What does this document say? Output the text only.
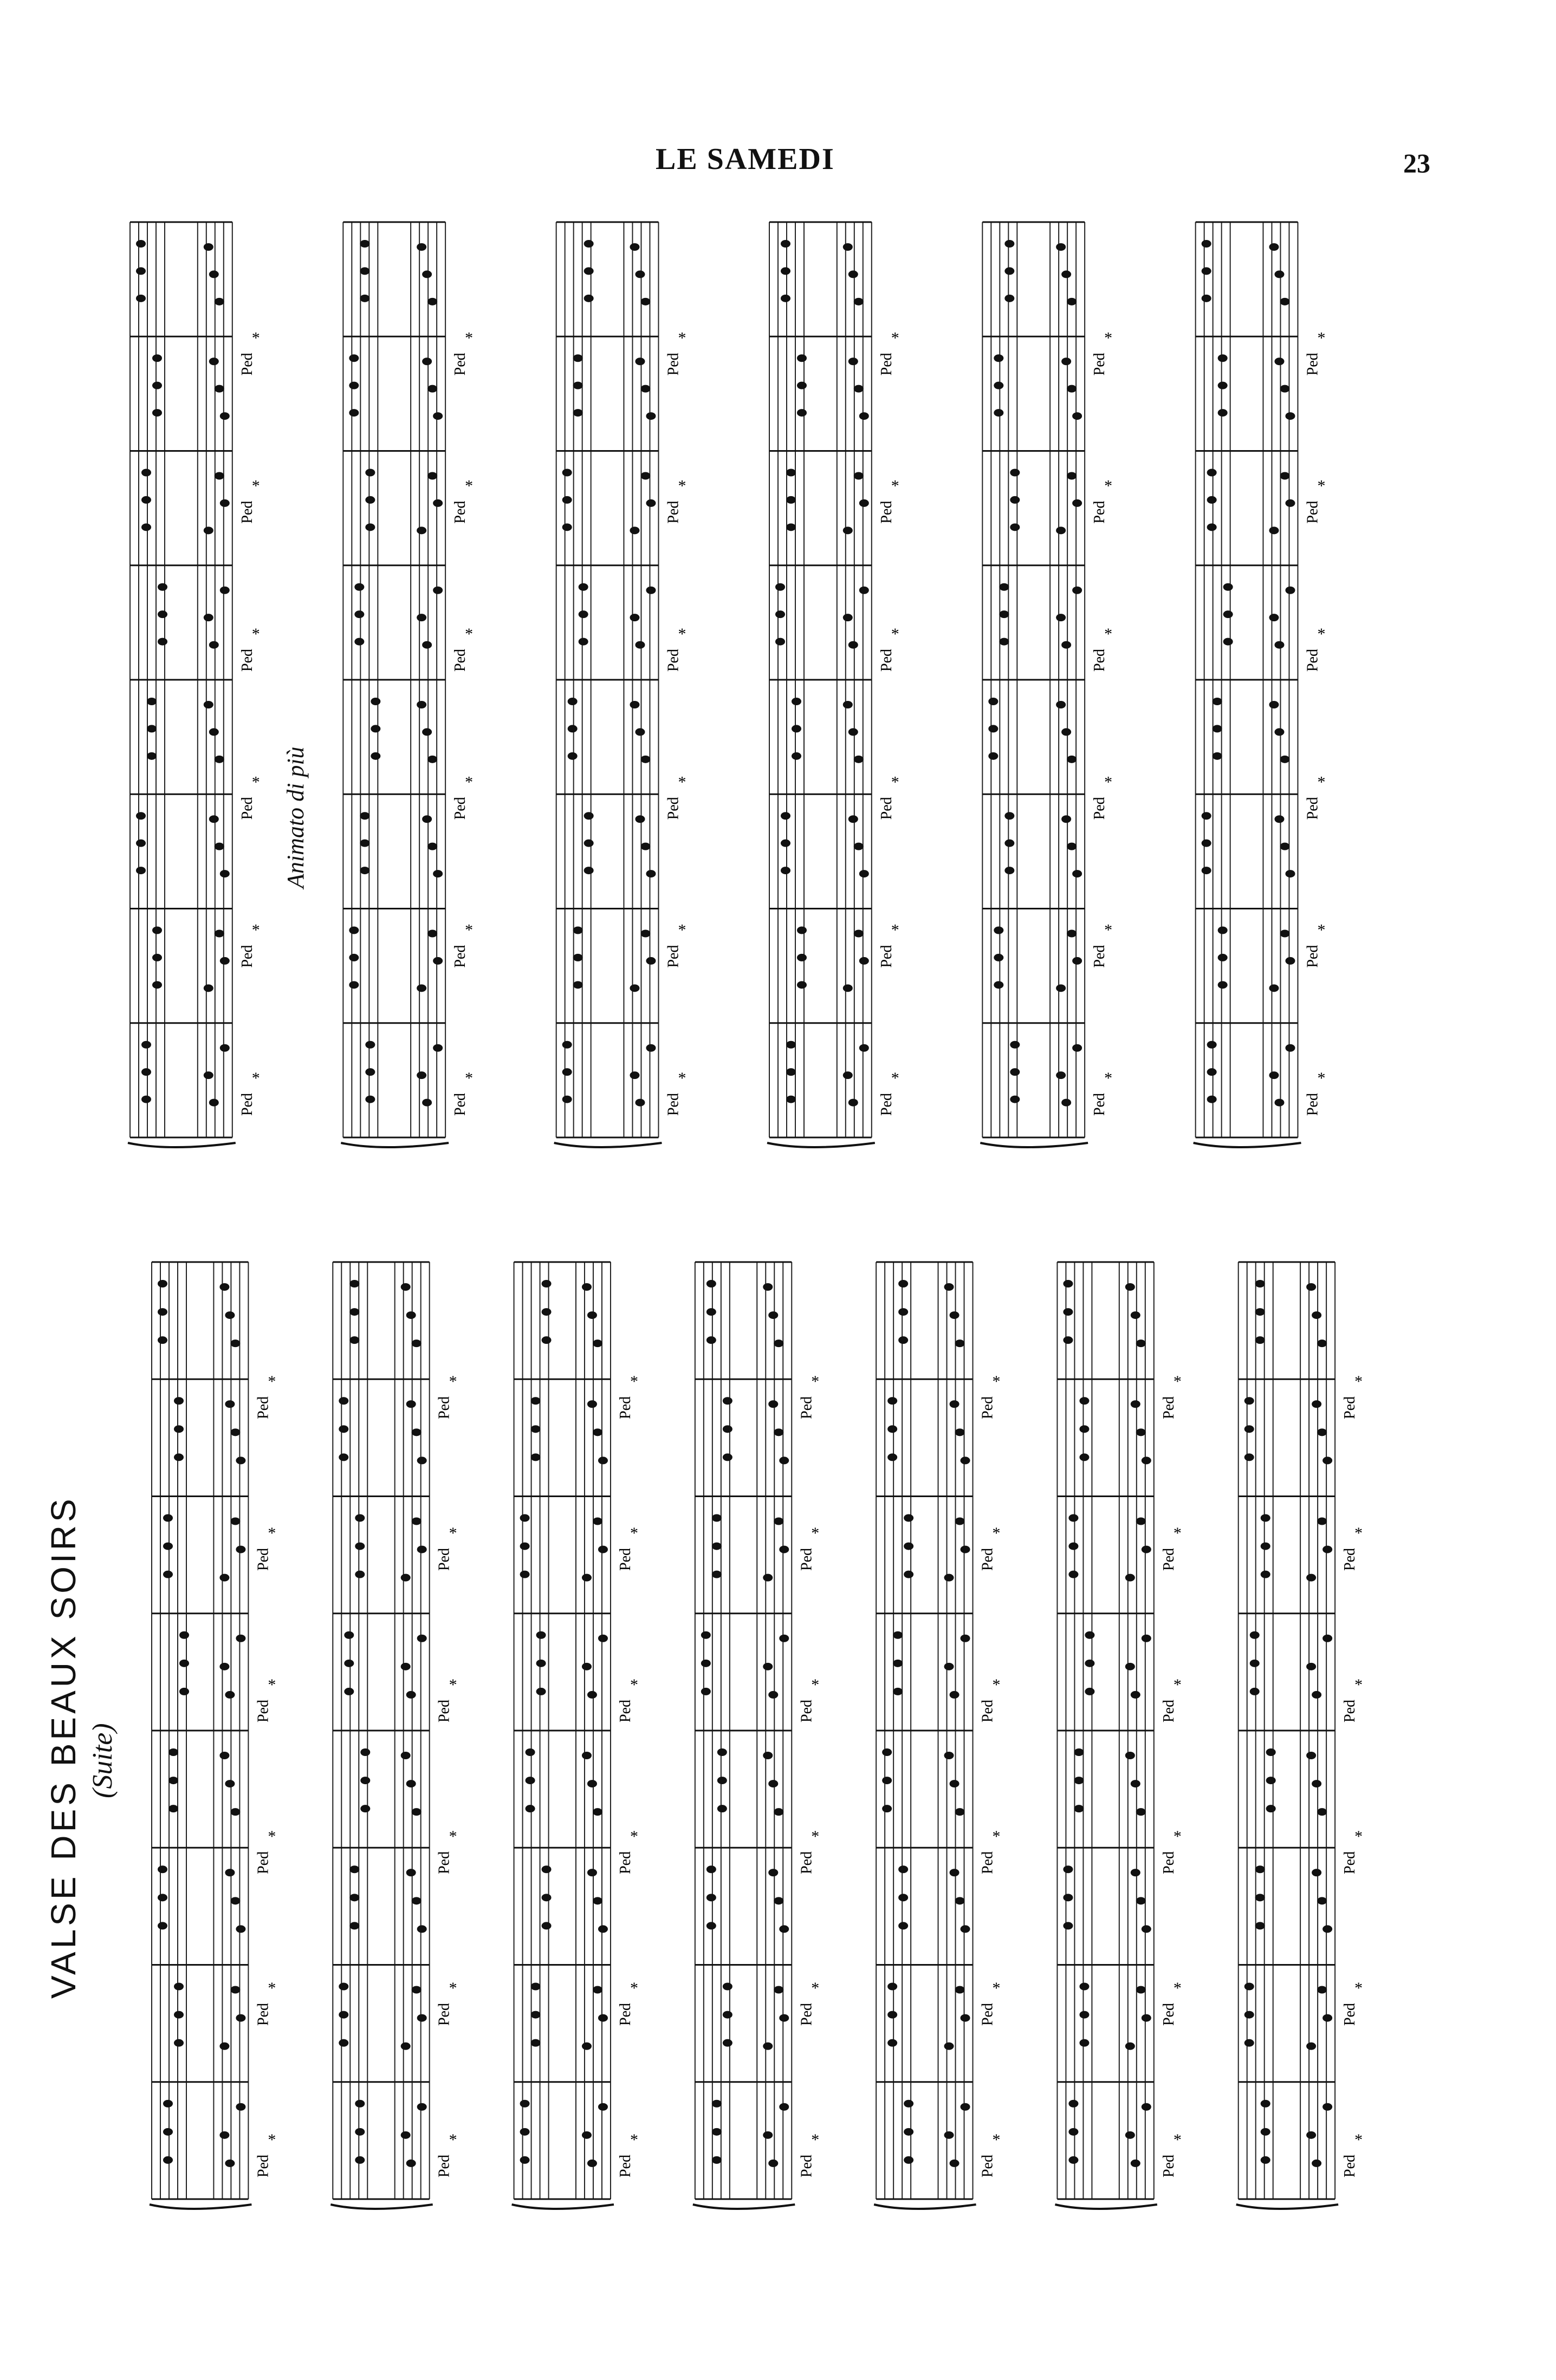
LE SAMEDI	23
Ped
*
Ped
*
Ped
*
Ped
*
Ped
*
Ped
*
Ped
*
Ped
*
Ped
*
Ped
*
Ped
*
Ped
*
Ped
*
Ped
*
Ped
*
Ped
*
Ped
*
Ped
*
Ped
*
Ped
*
Ped
*
Ped
*
Ped
*
Ped
*
Ped
*
Ped
*
Ped
*
Ped
*
Ped
*
Ped
*
Ped
*
Ped
*
Ped
*
Ped
*
Ped
*
Ped
*
Animato di più
Ped
*
Ped
*
Ped
*
Ped
*
Ped
*
Ped
*
Ped
*
Ped
*
Ped
*
Ped
*
Ped
*
Ped
*
Ped
*
Ped
*
Ped
*
Ped
*
Ped
*
Ped
*
Ped
*
Ped
*
Ped
*
Ped
*
Ped
*
Ped
*
Ped
*
Ped
*
Ped
*
Ped
*
Ped
*
Ped
*
Ped
*
Ped
*
Ped
*
Ped
*
Ped
*
Ped
*
Ped
*
Ped
*
Ped
*
Ped
*
Ped
*
Ped
*
VALSE DES BEAUX SOIRS (Suite)
